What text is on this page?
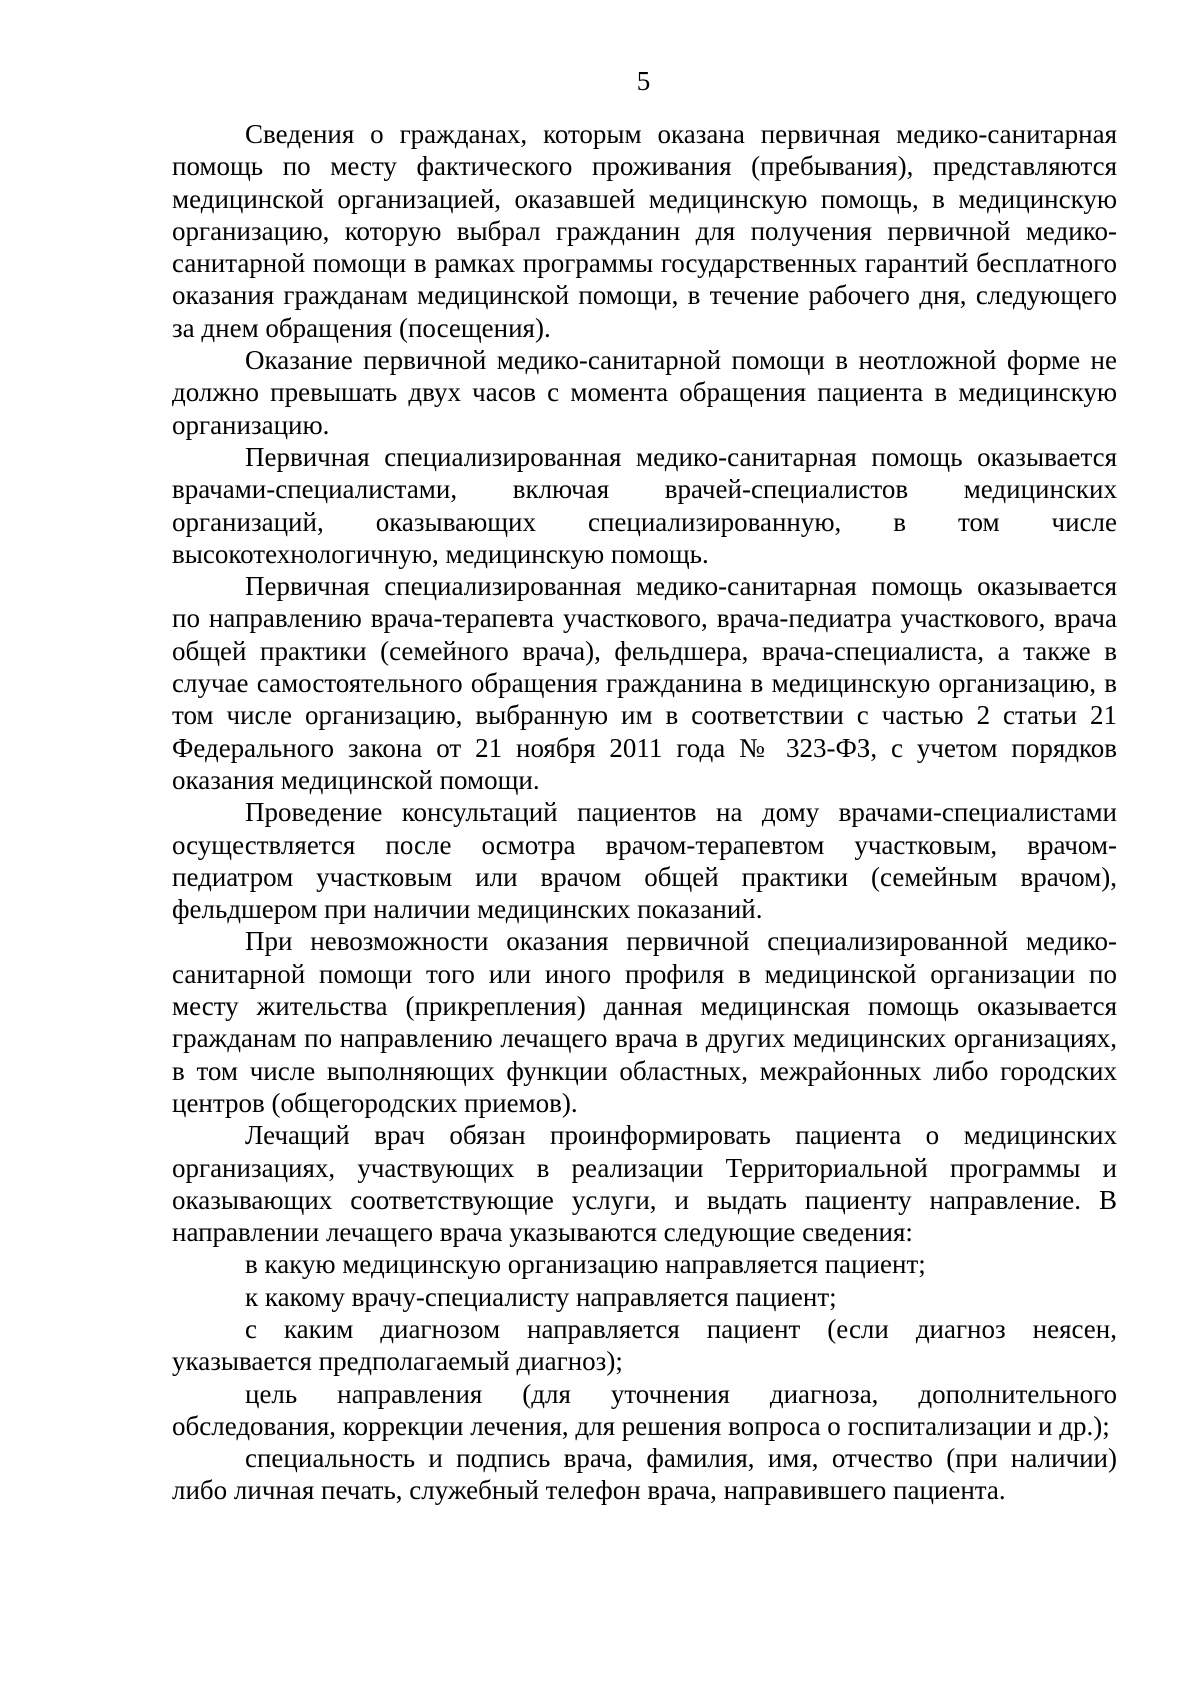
5

Сведения о гражданах, которым оказана первичная медико-санитарная помощь по месту фактического проживания (пребывания), представляются медицинской организацией, оказавшей медицинскую помощь, в медицинскую организацию, которую выбрал гражданин для получения первичной медико-санитарной помощи в рамках программы государственных гарантий бесплатного оказания гражданам медицинской помощи, в течение рабочего дня, следующего за днем обращения (посещения).

Оказание первичной медико-санитарной помощи в неотложной форме не должно превышать двух часов с момента обращения пациента в медицинскую организацию.

Первичная специализированная медико-санитарная помощь оказывается врачами-специалистами, включая врачей-специалистов медицинских организаций, оказывающих специализированную, в том числе высокотехнологичную, медицинскую помощь.

Первичная специализированная медико-санитарная помощь оказывается по направлению врача-терапевта участкового, врача-педиатра участкового, врача общей практики (семейного врача), фельдшера, врача-специалиста, а также в случае самостоятельного обращения гражданина в медицинскую организацию, в том числе организацию, выбранную им в соответствии с частью 2 статьи 21 Федерального закона от 21 ноября 2011 года № 323-ФЗ, с учетом порядков оказания медицинской помощи.

Проведение консультаций пациентов на дому врачами-специалистами осуществляется после осмотра врачом-терапевтом участковым, врачом-педиатром участковым или врачом общей практики (семейным врачом), фельдшером при наличии медицинских показаний.

При невозможности оказания первичной специализированной медико-санитарной помощи того или иного профиля в медицинской организации по месту жительства (прикрепления) данная медицинская помощь оказывается гражданам по направлению лечащего врача в других медицинских организациях, в том числе выполняющих функции областных, межрайонных либо городских центров (общегородских приемов).

Лечащий врач обязан проинформировать пациента о медицинских организациях, участвующих в реализации Территориальной программы и оказывающих соответствующие услуги, и выдать пациенту направление. В направлении лечащего врача указываются следующие сведения:

в какую медицинскую организацию направляется пациент;

к какому врачу-специалисту направляется пациент;

с каким диагнозом направляется пациент (если диагноз неясен, указывается предполагаемый диагноз);

цель направления (для уточнения диагноза, дополнительного обследования, коррекции лечения, для решения вопроса о госпитализации и др.);

специальность и подпись врача, фамилия, имя, отчество (при наличии) либо личная печать, служебный телефон врача, направившего пациента.
